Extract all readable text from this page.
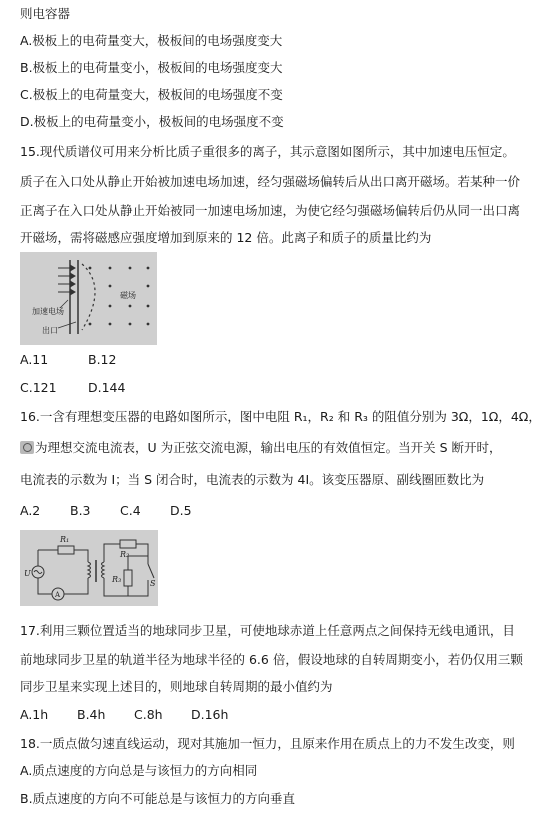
则电容器
A.极板上的电荷量变大，极板间的电场强度变大
B.极板上的电荷量变小，极板间的电场强度变大
C.极板上的电荷量变大，极板间的电场强度不变
D.极板上的电荷量变小，极板间的电场强度不变
15.现代质谱仪可用来分析比质子重很多的离子，其示意图如图所示，其中加速电压恒定。
质子在入口处从静止开始被加速电场加速，经匀强磁场偏转后从出口离开磁场。若某种一价
正离子在入口处从静止开始被同一加速电场加速，为使它经匀强磁场偏转后仍从同一出口离
开磁场，需将磁感应强度增加到原来的 12 倍。此离子和质子的质量比约为
加速电场
出口
磁场
A.11	B.12
C.121	D.144
16.一含有理想变压器的电路如图所示，图中电阻 R₁，R₂ 和 R₃ 的阻值分别为 3Ω，1Ω，4Ω，
为理想交流电流表，U 为正弦交流电源，输出电压的有效值恒定。当开关 S 断开时，
电流表的示数为 I；当 S 闭合时，电流表的示数为 4I。该变压器原、副线圈匝数比为
A.2 B.3 C.4 D.5
R₁
R₂
R₃
U
S
A
17.利用三颗位置适当的地球同步卫星，可使地球赤道上任意两点之间保持无线电通讯，目
前地球同步卫星的轨道半径为地球半径的 6.6 倍，假设地球的自转周期变小，若仍仅用三颗
同步卫星来实现上述目的，则地球自转周期的最小值约为
A.1h B.4h C.8h D.16h
18.一质点做匀速直线运动，现对其施加一恒力，且原来作用在质点上的力不发生改变，则
A.质点速度的方向总是与该恒力的方向相同
B.质点速度的方向不可能总是与该恒力的方向垂直
